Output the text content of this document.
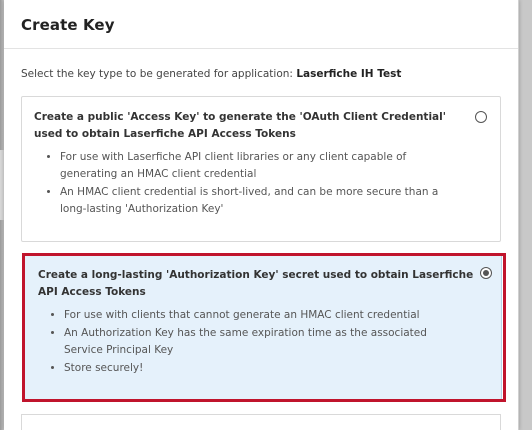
Create Key
Select the key type to be generated for application: Laserfiche IH Test
Create a public 'Access Key' to generate the 'OAuth Client Credential' used to obtain Laserfiche API Access Tokens
• For use with Laserfiche API client libraries or any client capable of generating an HMAC client credential
• An HMAC client credential is short-lived, and can be more secure than a long-lasting 'Authorization Key'
Create a long-lasting 'Authorization Key' secret used to obtain Laserfiche API Access Tokens
• For use with clients that cannot generate an HMAC client credential
• An Authorization Key has the same expiration time as the associated Service Principal Key
• Store securely!
